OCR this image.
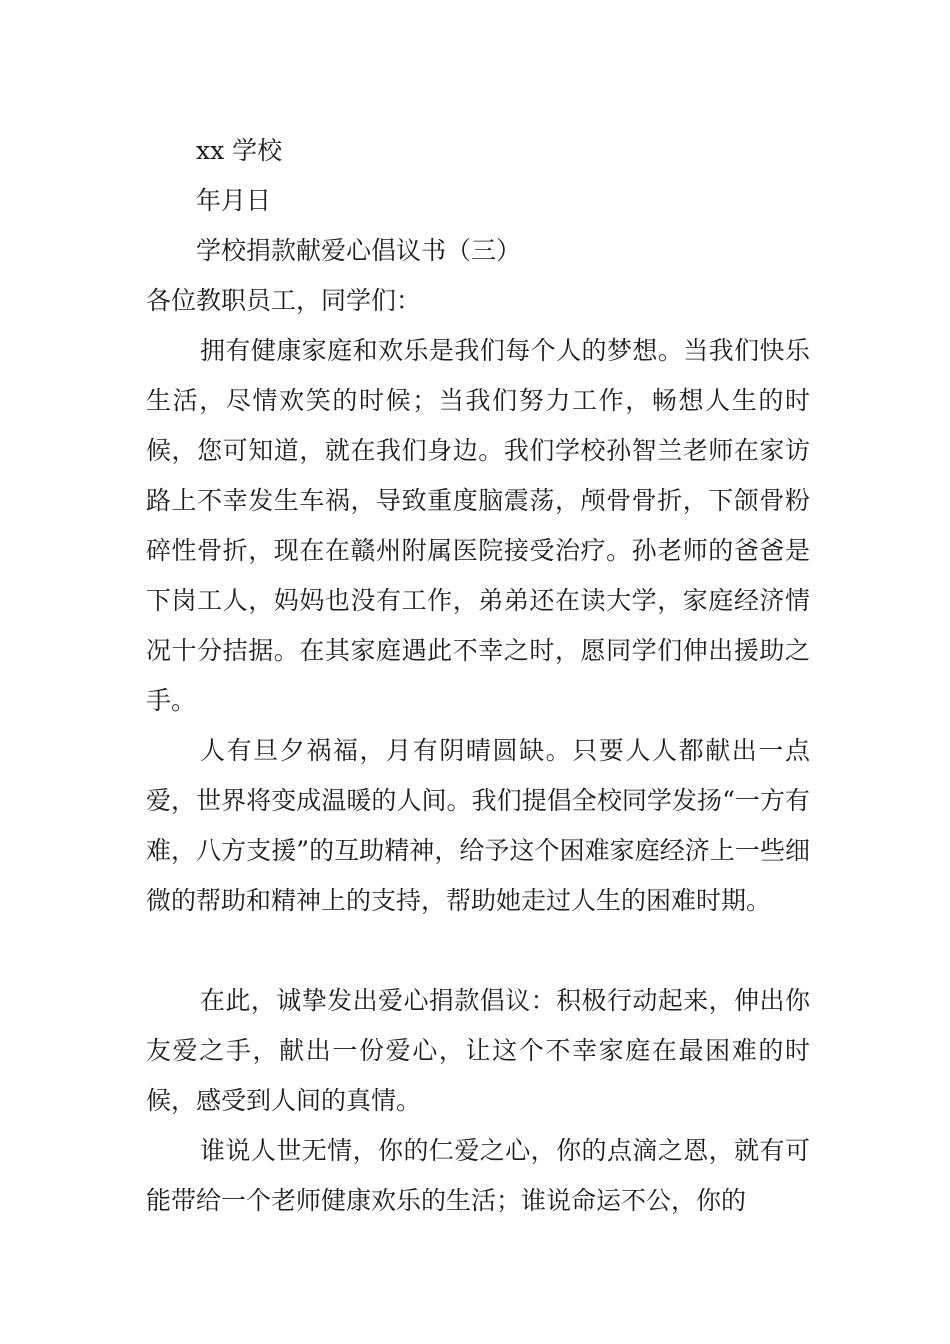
xx 学校
年月日
学校捐款献爱心倡议书（三）
各位教职员工，同学们：

拥有健康家庭和欢乐是我们每个人的梦想。当我们快乐生活，尽情欢笑的时候；当我们努力工作，畅想人生的时候，您可知道，就在我们身边。我们学校孙智兰老师在家访路上不幸发生车祸，导致重度脑震荡，颅骨骨折，下颌骨粉碎性骨折，现在在赣州附属医院接受治疗。孙老师的爸爸是下岗工人，妈妈也没有工作，弟弟还在读大学，家庭经济情况十分拮据。在其家庭遇此不幸之时，愿同学们伸出援助之手。

人有旦夕祸福，月有阴晴圆缺。只要人人都献出一点爱，世界将变成温暖的人间。我们提倡全校同学发扬“一方有难，八方支援”的互助精神，给予这个困难家庭经济上一些细微的帮助和精神上的支持，帮助她走过人生的困难时期。

在此，诚挚发出爱心捐款倡议：积极行动起来，伸出你友爱之手，献出一份爱心，让这个不幸家庭在最困难的时候，感受到人间的真情。

谁说人世无情，你的仁爱之心，你的点滴之恩，就有可能带给一个老师健康欢乐的生活；谁说命运不公，你的
